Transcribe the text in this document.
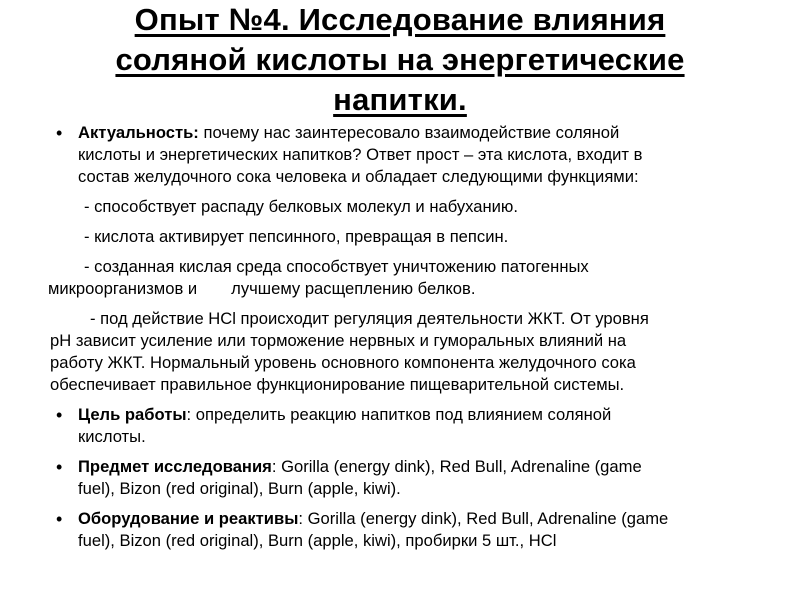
Опыт №4. Исследование влияния
соляной кислоты на энергетические
напитки.
• Актуальность: почему нас заинтересовало взаимодействие соляной
кислоты и энергетических напитков? Ответ прост – эта кислота, входит в
состав желудочного сока человека и обладает следующими функциями:
- способствует распаду белковых молекул и набуханию.
- кислота активирует пепсинного, превращая в пепсин.
- созданная кислая среда способствует уничтожению патогенных
микроорганизмов и лучшему расщеплению белков.
- под действие HCl происходит регуляция деятельности ЖКТ. От уровня
pH зависит усиление или торможение нервных и гуморальных влияний на
работу ЖКТ. Нормальный уровень основного компонента желудочного сока
обеспечивает правильное функционирование пищеварительной системы.
• Цель работы: определить реакцию напитков под влиянием соляной
кислоты.
• Предмет исследования: Gorilla (energy dink), Red Bull, Adrenaline (game
fuel), Bizon (red original), Burn (apple, kiwi).
• Оборудование и реактивы: Gorilla (energy dink), Red Bull, Adrenaline (game
fuel), Bizon (red original), Burn (apple, kiwi), пробирки 5 шт., HCl
